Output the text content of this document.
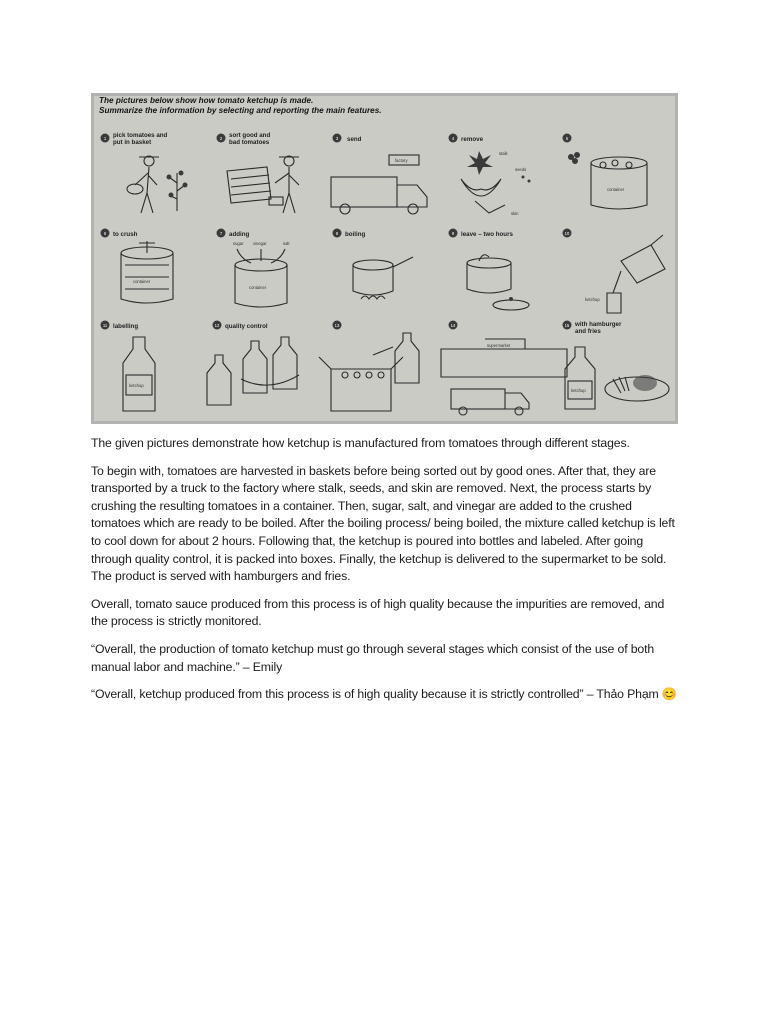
The pictures below show how tomato ketchup is made.
Summarize the information by selecting and reporting the main features.
1 pick tomatoes and
put in basket
2 sort good and
bad tomatoes
3 send
factory
4 remove
stalk
seeds
skin
5
container
6 to crush
container
7 adding
sugar vinegar	salt
container
8 boiling	9 leave – two hours	10
ketchup
11 labelling
ketchup
12 quality control	13	14
supermarket
15 with hamburger
and fries
ketchup

The given pictures demonstrate how ketchup is manufactured from tomatoes through different stages.

To begin with, tomatoes are harvested in baskets before being sorted out by good ones. After that, they are transported by a truck to the factory where stalk, seeds, and skin are removed. Next, the process starts by crushing the resulting tomatoes in a container. Then, sugar, salt, and vinegar are added to the crushed tomatoes which are ready to be boiled. After the boiling process/ being boiled, the mixture called ketchup is left to cool down for about 2 hours. Following that, the ketchup is poured into bottles and labeled. After going through quality control, it is packed into boxes. Finally, the ketchup is delivered to the supermarket to be sold. The product is served with hamburgers and fries.

Overall, tomato sauce produced from this process is of high quality because the impurities are removed, and the process is strictly monitored.

“Overall, the production of tomato ketchup must go through several stages which consist of the use of both manual labor and machine.” – Emily

“Overall, ketchup produced from this process is of high quality because it is strictly controlled” – Thảo Phạm 😊
